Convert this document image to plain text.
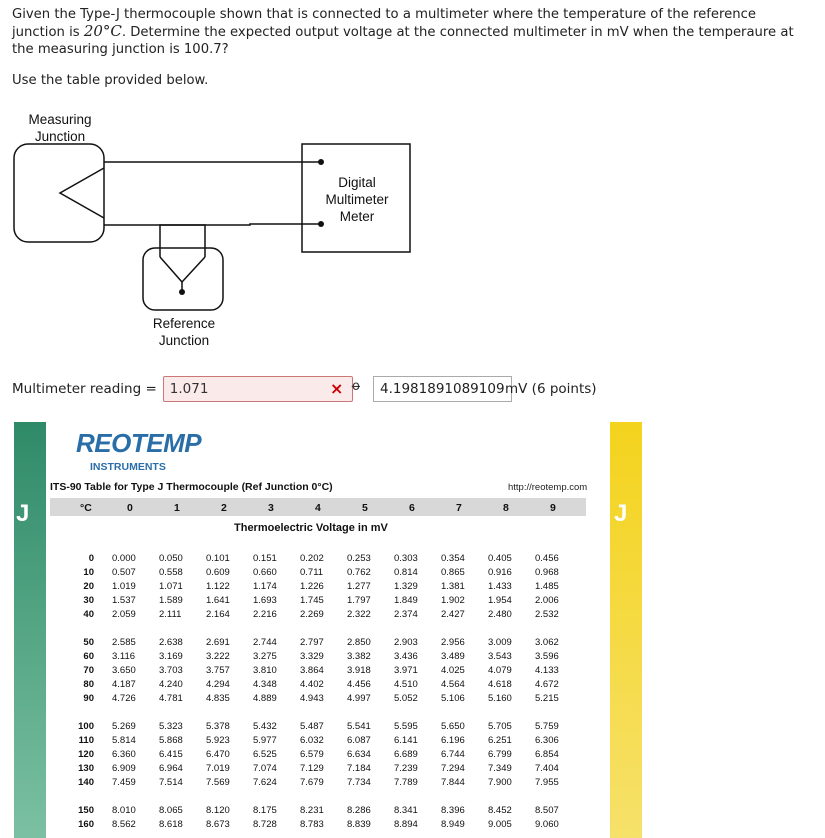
Given the Type-J thermocouple shown that is connected to a multimeter where the temperature of the reference junction is 20°C. Determine the expected output voltage at the connected multimeter in mV when the temperaure at the measuring junction is 100.7?
Use the table provided below.
Measuring
Junction
Digital
Multimeter
Meter
Reference
Junction
Multimeter reading = 1.071	× o̶ 4.1981891089109 mV (6 points)
J	J
REOTEMP
INSTRUMENTS
ITS-90 Table for Type J Thermocouple (Ref Junction 0°C)	http://reotemp.com
°C	0	1	2	3	4	5	6	7	8	9
Thermoelectric Voltage in mV
0 0.000 0.050 0.101 0.151 0.202 0.253 0.303 0.354 0.405 0.456
10 0.507 0.558 0.609 0.660 0.711	0.762 0.814 0.865 0.916 0.968
20 1.019 1.071 1.122 1.174 1.226 1.277 1.329 1.381 1.433 1.485
30 1.537 1.589 1.641 1.693 1.745 1.797 1.849 1.902 1.954 2.006
40 2.059 2.111	2.164 2.216 2.269 2.322 2.374 2.427 2.480 2.532
50 2.585 2.638 2.691 2.744 2.797 2.850 2.903 2.956 3.009 3.062
60 3.116	3.169 3.222 3.275 3.329 3.382 3.436 3.489 3.543 3.596
70 3.650 3.703 3.757 3.810 3.864 3.918 3.971 4.025 4.079 4.133
80 4.187 4.240 4.294 4.348 4.402 4.456 4.510 4.564 4.618 4.672
90 4.726 4.781 4.835 4.889 4.943 4.997 5.052 5.106 5.160 5.215
100 5.269 5.323 5.378 5.432 5.487 5.541 5.595 5.650 5.705 5.759
110 5.814 5.868 5.923 5.977 6.032 6.087 6.141 6.196 6.251 6.306
120 6.360 6.415 6.470 6.525 6.579 6.634 6.689 6.744 6.799 6.854
130 6.909 6.964 7.019 7.074 7.129 7.184 7.239 7.294 7.349 7.404
140 7.459 7.514 7.569 7.624 7.679 7.734 7.789 7.844 7.900 7.955
150 8.010 8.065 8.120 8.175 8.231 8.286 8.341 8.396 8.452 8.507
160 8.562 8.618 8.673 8.728 8.783 8.839 8.894 8.949 9.005 9.060
